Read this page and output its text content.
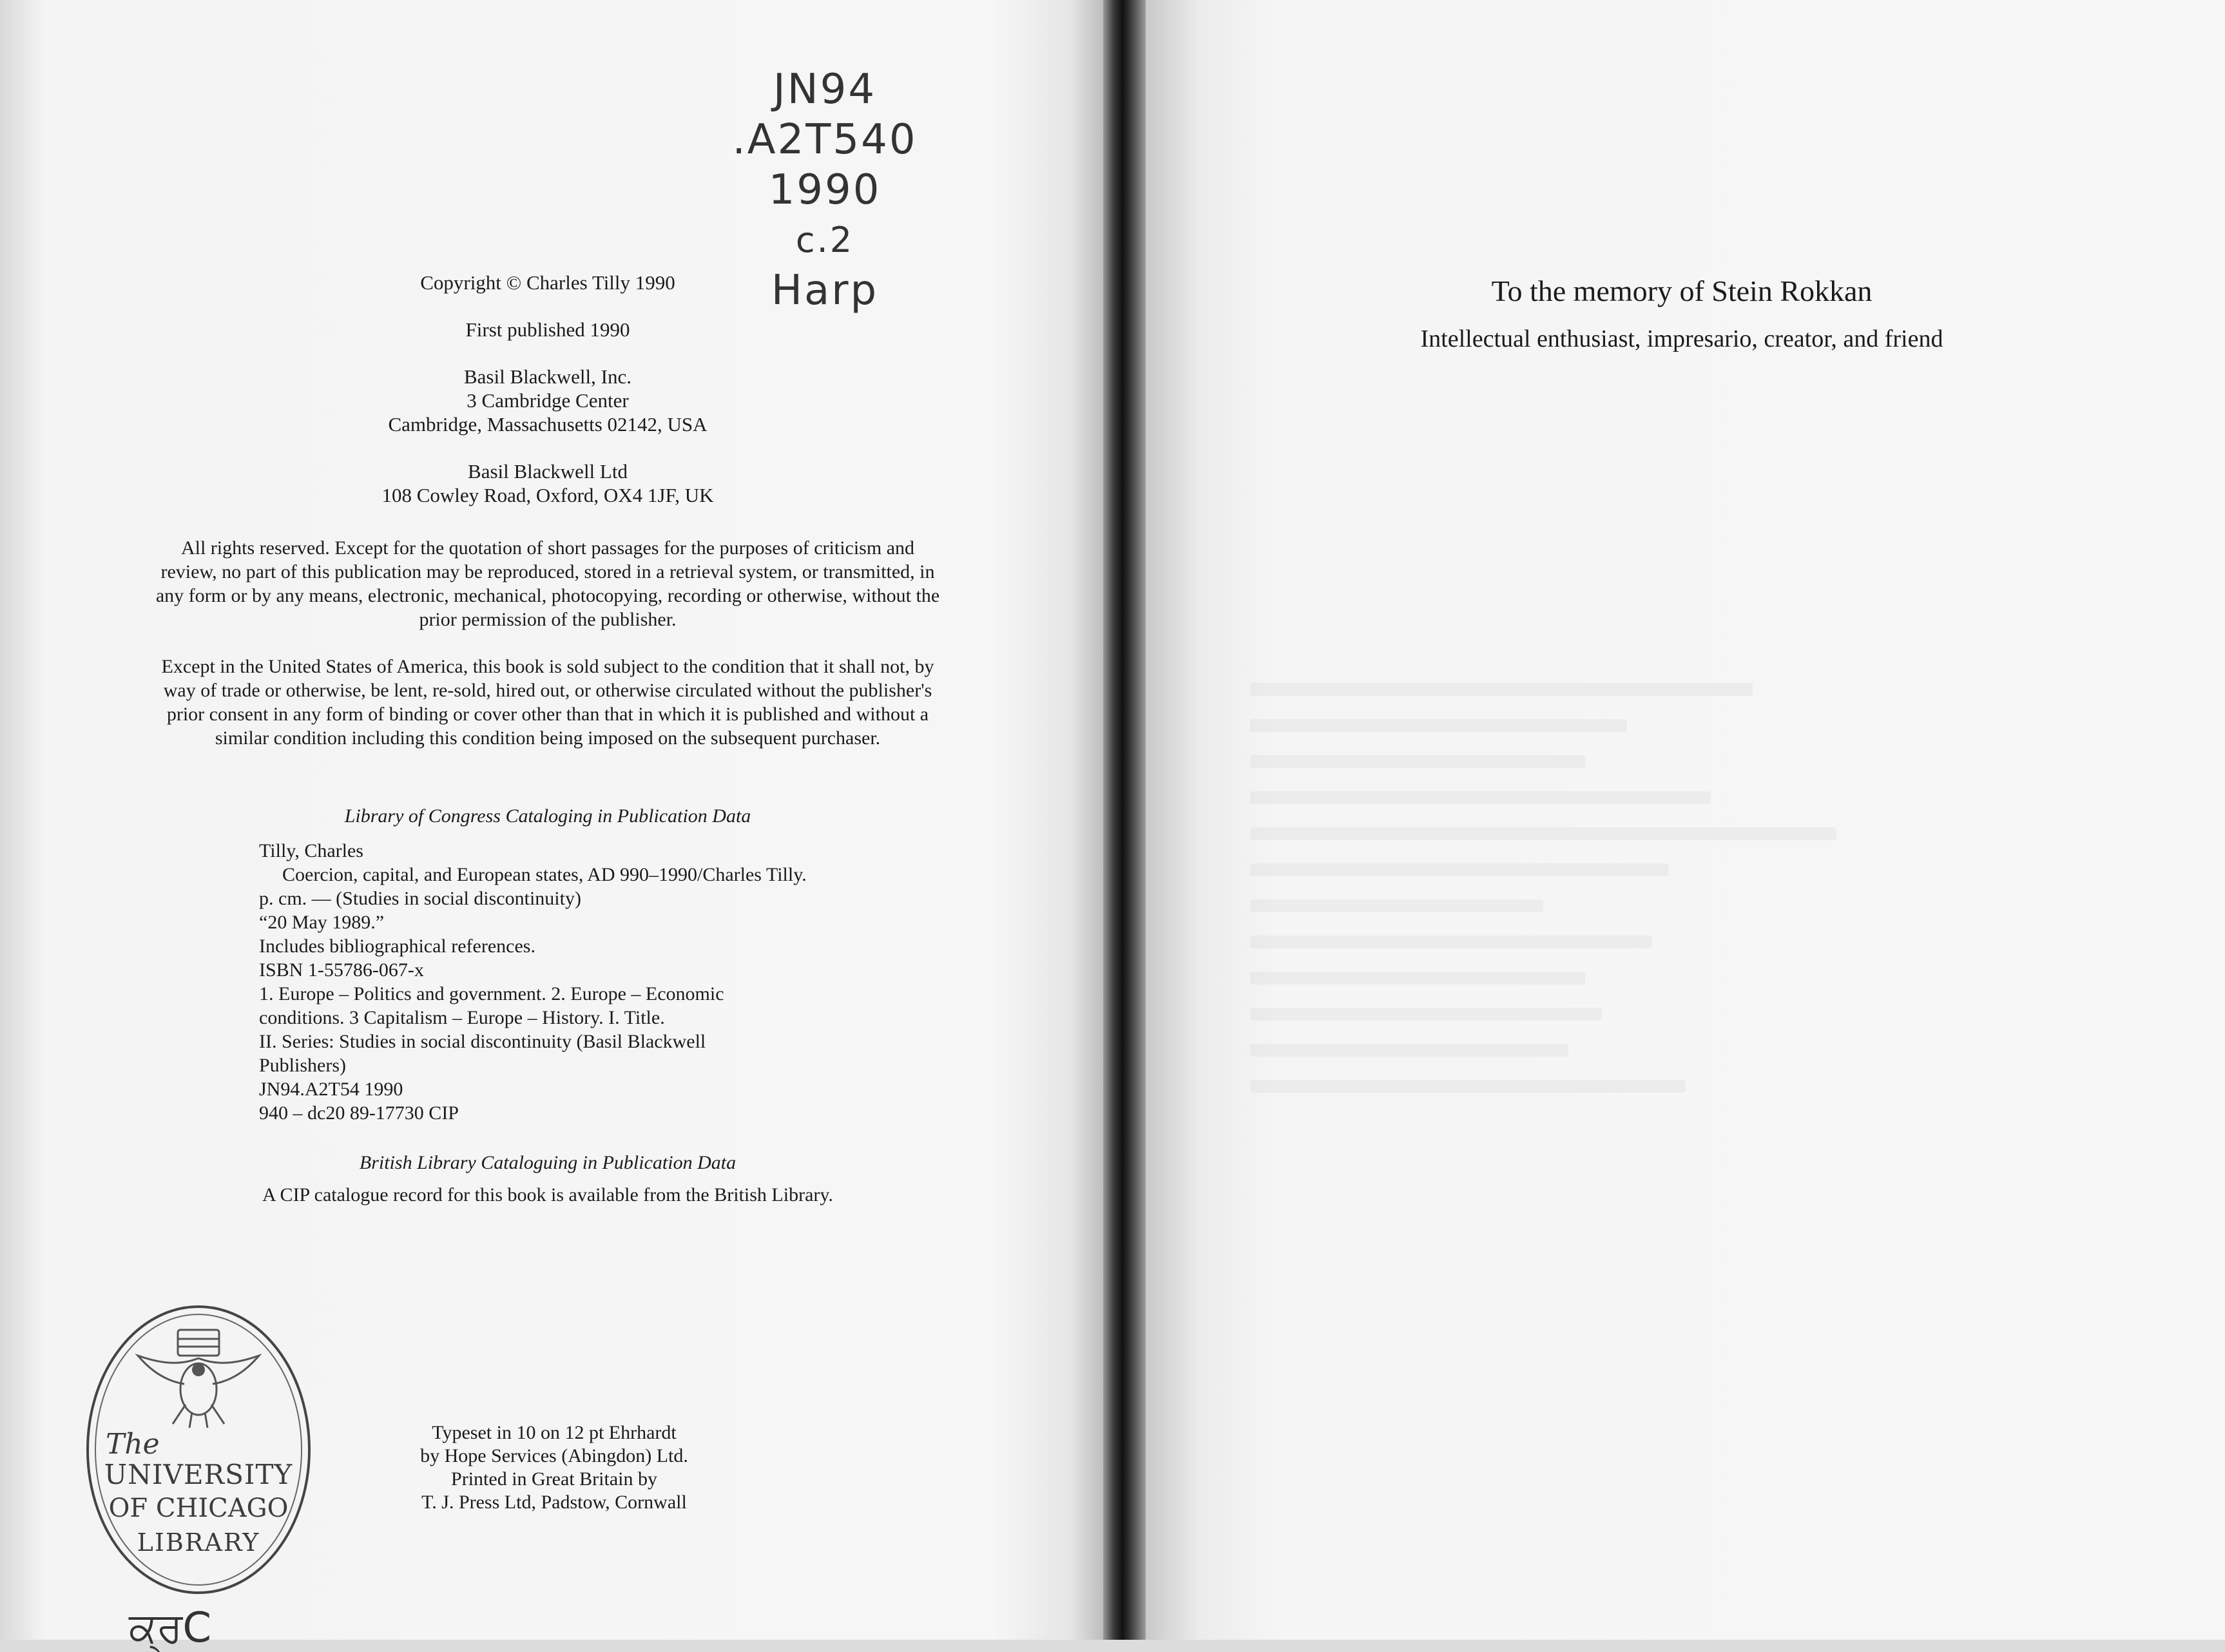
JN94
.A2T540
1990
c.2
Harp

Copyright © Charles Tilly 1990

First published 1990

Basil Blackwell, Inc.
3 Cambridge Center
Cambridge, Massachusetts 02142, USA

Basil Blackwell Ltd
108 Cowley Road, Oxford, OX4 1JF, UK

All rights reserved. Except for the quotation of short passages for the purposes of criticism and review, no part of this publication may be reproduced, stored in a retrieval system, or transmitted, in any form or by any means, electronic, mechanical, photocopying, recording or otherwise, without the prior permission of the publisher.

Except in the United States of America, this book is sold subject to the condition that it shall not, by way of trade or otherwise, be lent, re-sold, hired out, or otherwise circulated without the publisher's prior consent in any form of binding or cover other than that in which it is published and without a similar condition including this condition being imposed on the subsequent purchaser.

Library of Congress Cataloging in Publication Data
Tilly, Charles
Coercion, capital, and European states, AD 990–1990/Charles Tilly.
p. cm. — (Studies in social discontinuity)
“20 May 1989.”
Includes bibliographical references.
ISBN 1-55786-067-x
1. Europe – Politics and government. 2. Europe – Economic
conditions. 3 Capitalism – Europe – History. I. Title.
II. Series: Studies in social discontinuity (Basil Blackwell
Publishers)
JN94.A2T54 1990
940 – dc20 89-17730 CIP
British Library Cataloguing in Publication Data
A CIP catalogue record for this book is available from the British Library.
The
UNIVERSITY
OF CHICAGO
LIBRARY
Typeset in 10 on 12 pt Ehrhardt
by Hope Services (Abingdon) Ltd.
Printed in Great Britain by
T. J. Press Ltd, Padstow, Cornwall
ਕ੍ਰC
To the memory of Stein Rokkan
Intellectual enthusiast, impresario, creator, and friend
